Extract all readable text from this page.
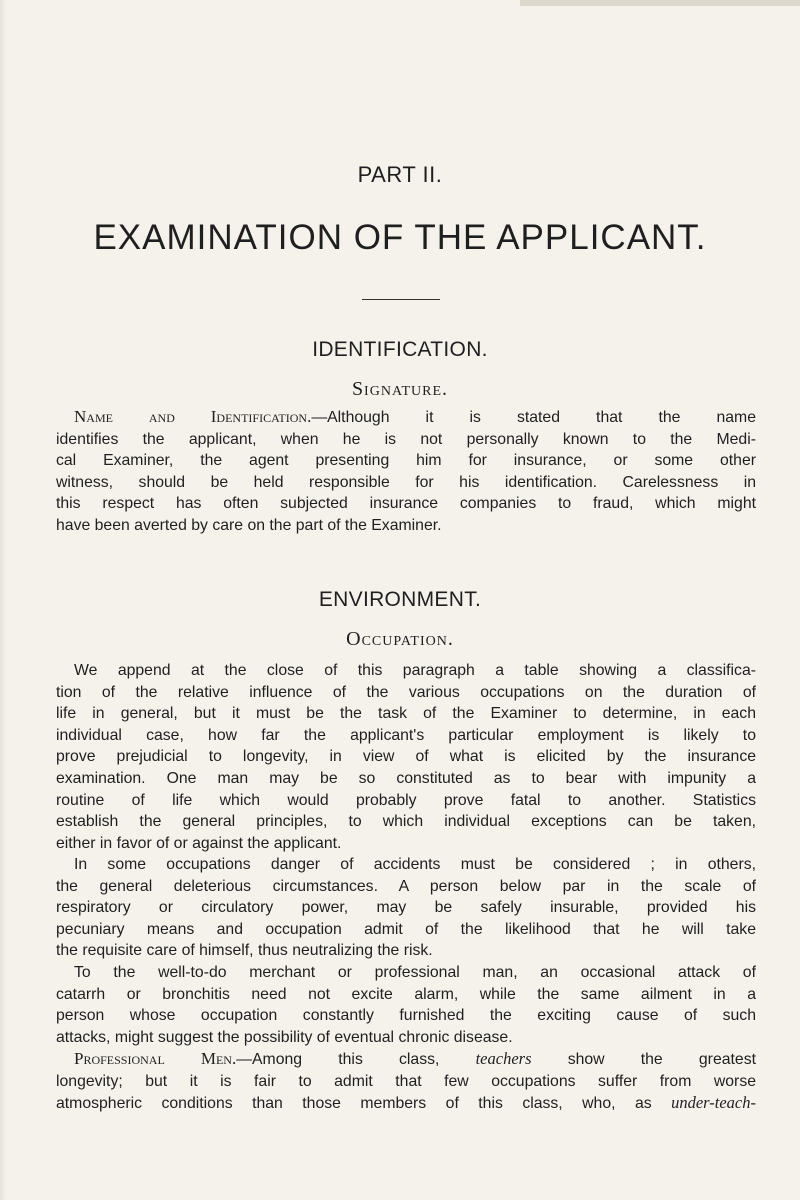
PART II.
EXAMINATION OF THE APPLICANT.
IDENTIFICATION.
Signature.
Name and Identification.—Although it is stated that the name
identifies the applicant, when he is not personally known to the Medi-
cal Examiner, the agent presenting him for insurance, or some other
witness, should be held responsible for his identification. Carelessness in
this respect has often subjected insurance companies to fraud, which might
have been averted by care on the part of the Examiner.
ENVIRONMENT.
Occupation.
We append at the close of this paragraph a table showing a classifica-
tion of the relative influence of the various occupations on the duration of
life in general, but it must be the task of the Examiner to determine, in each
individual case, how far the applicant's particular employment is likely to
prove prejudicial to longevity, in view of what is elicited by the insurance
examination. One man may be so constituted as to bear with impunity a
routine of life which would probably prove fatal to another. Statistics
establish the general principles, to which individual exceptions can be taken,
either in favor of or against the applicant.
In some occupations danger of accidents must be considered ; in others,
the general deleterious circumstances. A person below par in the scale of
respiratory or circulatory power, may be safely insurable, provided his
pecuniary means and occupation admit of the likelihood that he will take
the requisite care of himself, thus neutralizing the risk.
To the well-to-do merchant or professional man, an occasional attack of
catarrh or bronchitis need not excite alarm, while the same ailment in a
person whose occupation constantly furnished the exciting cause of such
attacks, might suggest the possibility of eventual chronic disease.
Professional Men.—Among this class, teachers show the greatest
longevity; but it is fair to admit that few occupations suffer from worse
atmospheric conditions than those members of this class, who, as under-teach-
